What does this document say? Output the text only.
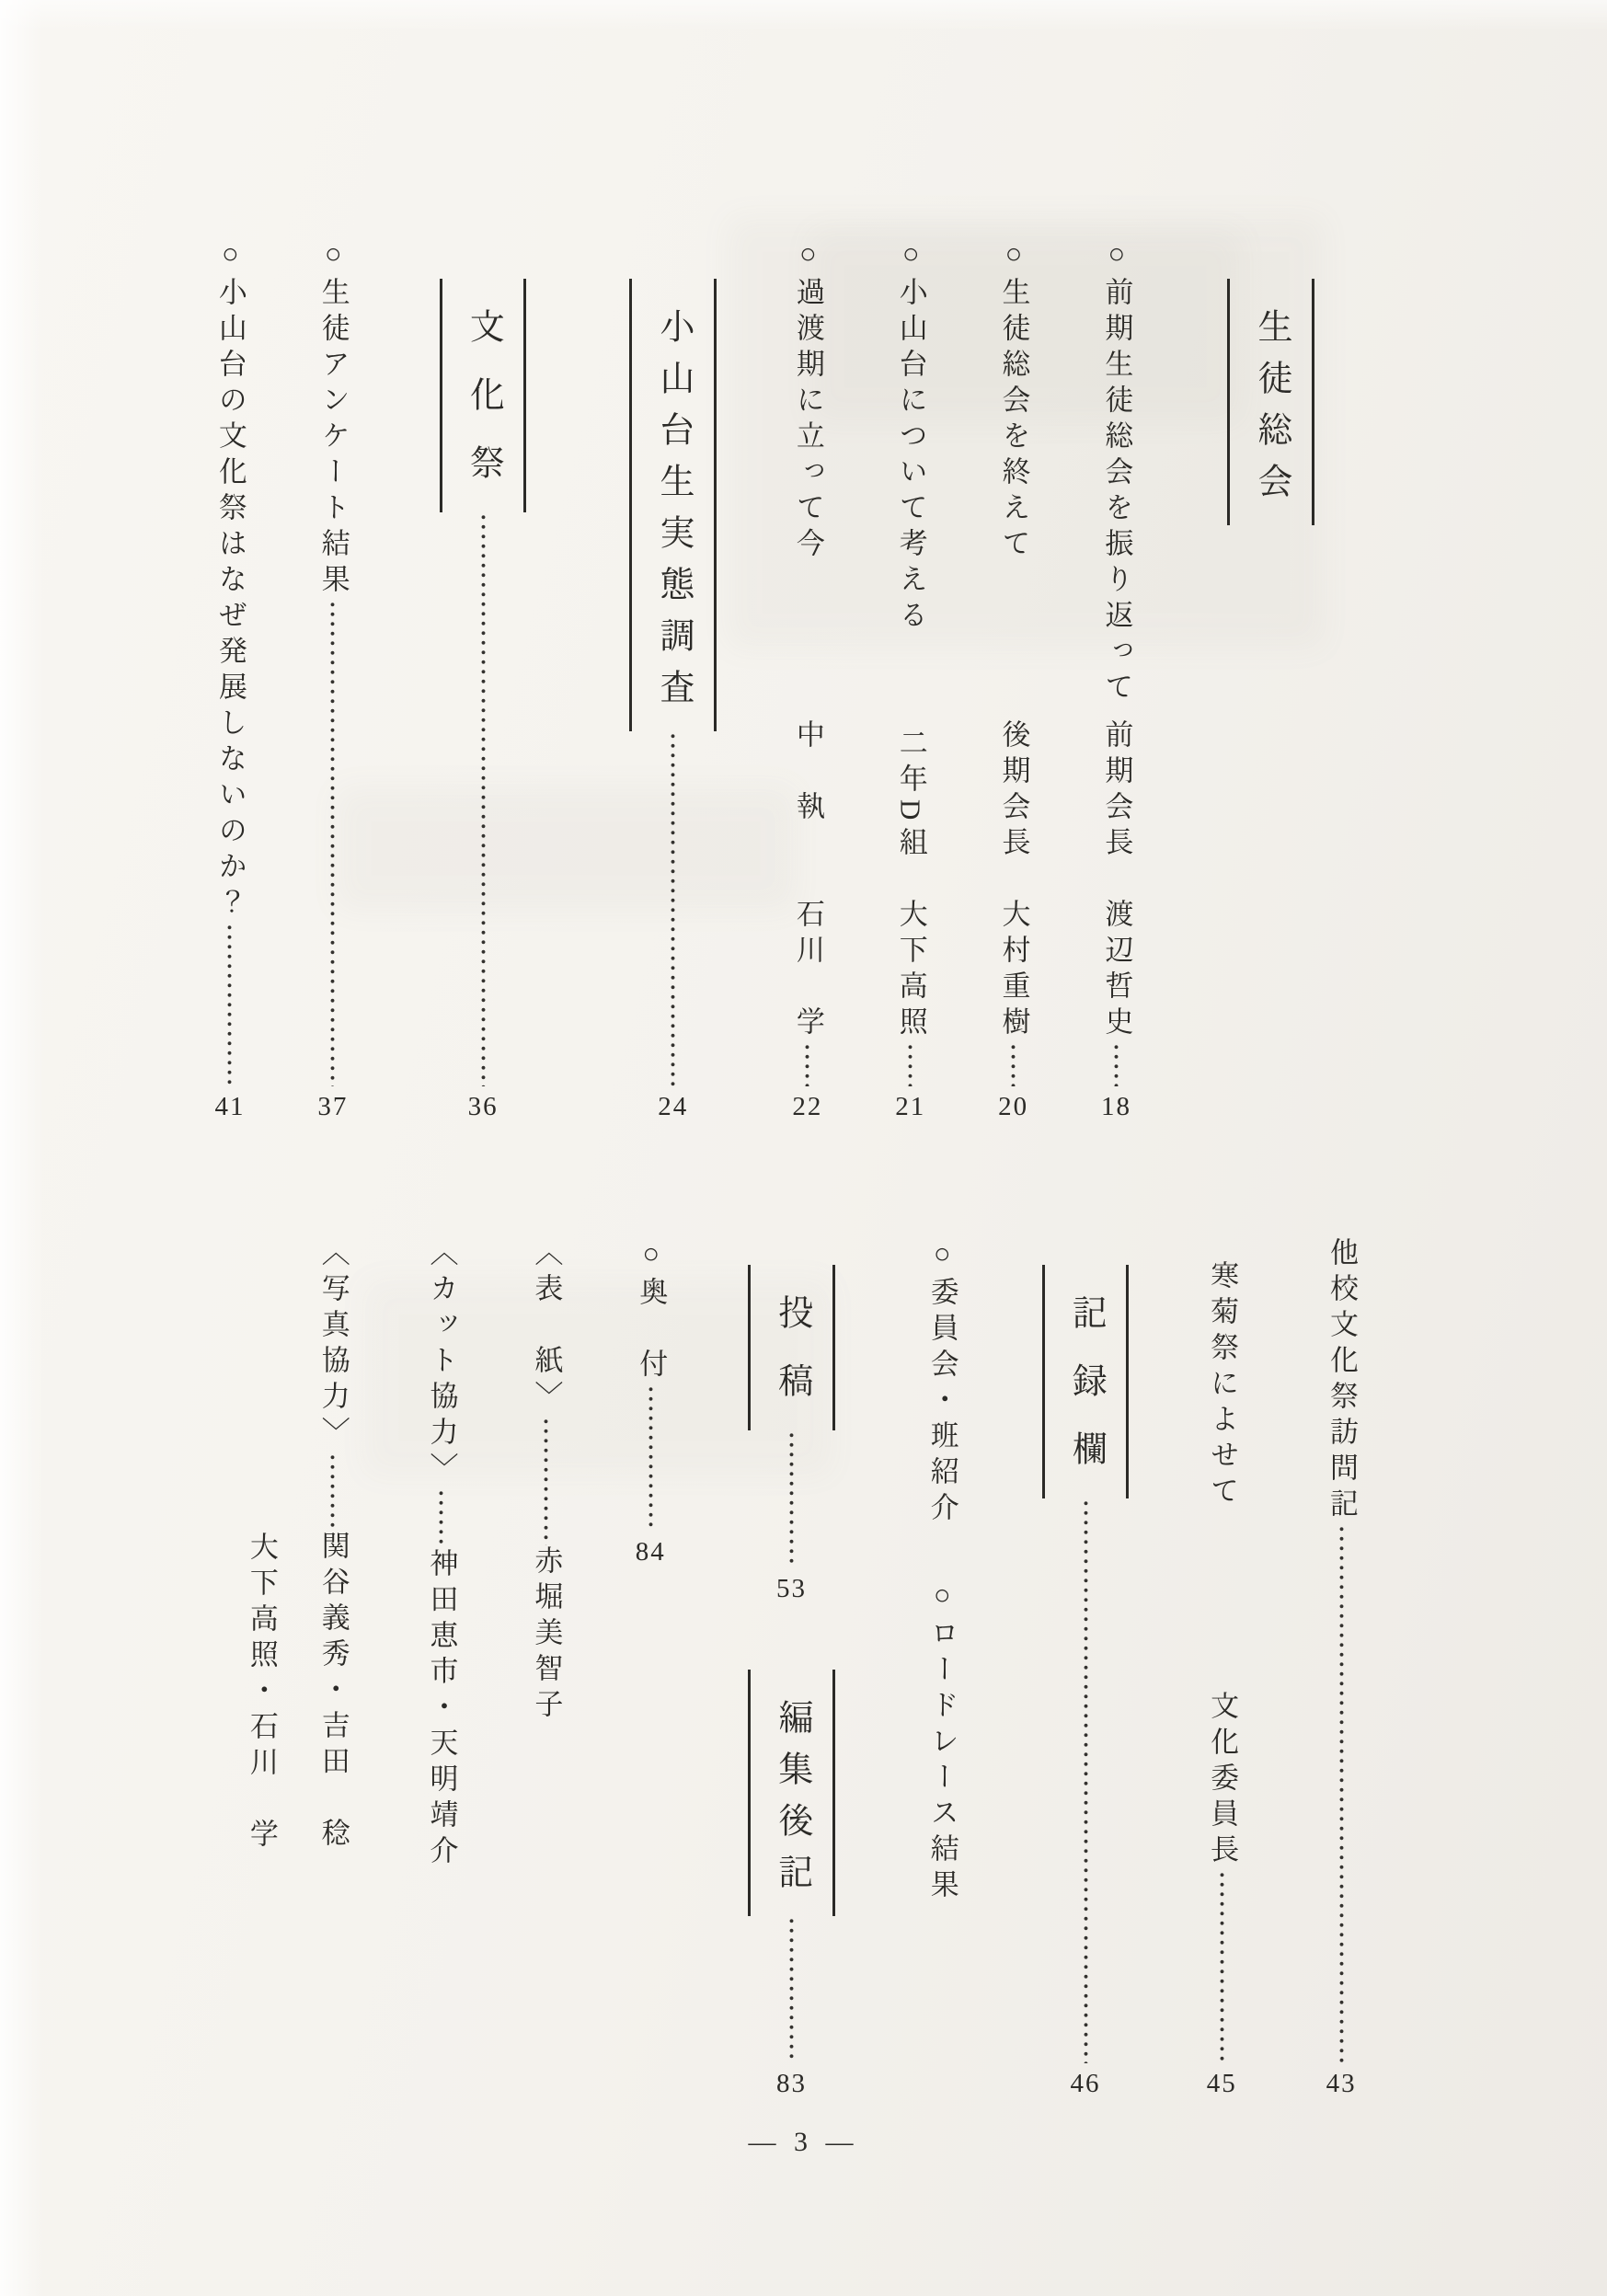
生徒総会
○前期生徒総会を振り返って
前期会長　渡辺哲史
18
○生徒総会を終えて
後期会長　大村重樹
20
○小山台について考える
二年D組　大下高照
21
○過渡期に立って今
中　執　　石川　学
22
小山台生実態調査
24
文化祭
36
○生徒アンケート結果
37
○小山台の文化祭はなぜ発展しないのか？
41
他校文化祭訪問記
43
寒菊祭によせて
文化委員長
45
記録欄
46
○委員会・班紹介
○ロードレース結果
投稿
53
編集後記
83
○奥　付
84
〈表　紙〉
赤堀美智子
〈カット協力〉
神田恵市・天明靖介
〈写真協力〉
関谷義秀・吉田　稔
大下高照・石川　学
― 3 ―
